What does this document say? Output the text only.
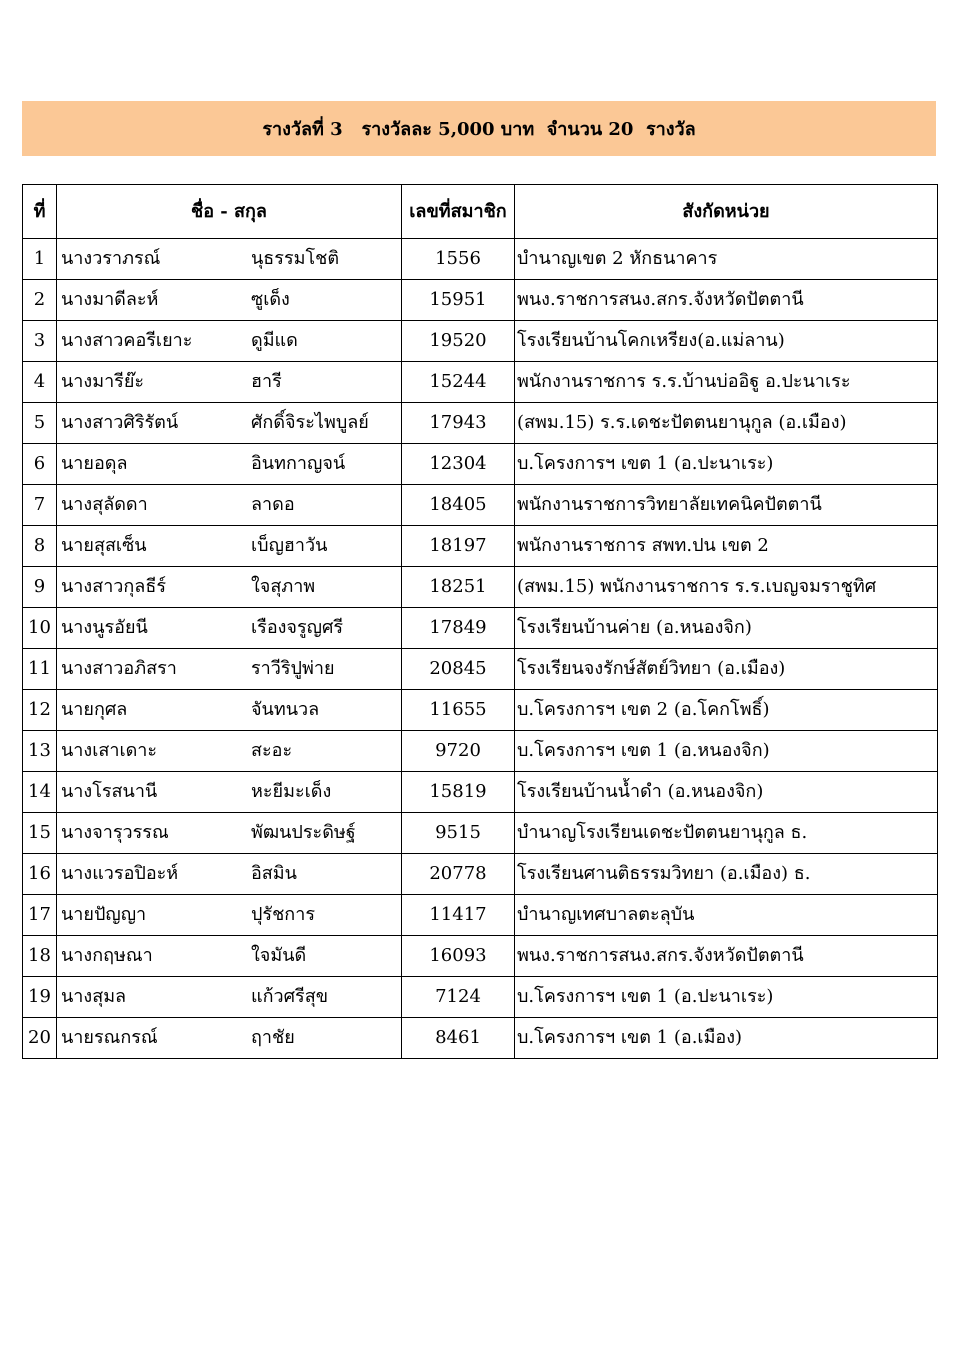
รางวัลที่ 3
รางวัลละ 5,000 บาท
จำนวน 20  รางวัล
ที่	ชื่อ - สกุล	เลขที่สมาชิก	สังกัดหน่วย
1	นางวราภรณ์ นุธรรมโชติ	1556	บำนาญเขต 2 หักธนาคาร
2	นางมาดีละห์ ซูเด็ง	15951	พนง.ราชการสนง.สกร.จังหวัดปัตตานี
3	นางสาวคอรีเยาะ ดูมีแด	19520	โรงเรียนบ้านโคกเหรียง(อ.แม่ลาน)
4	นางมารีย๊ะ ฮารี	15244	พนักงานราชการ ร.ร.บ้านบ่ออิฐู อ.ปะนาเระ
5	นางสาวศิริรัตน์ ศักดิ์จิระไพบูลย์	17943	(สพม.15) ร.ร.เดชะปัตตนยานุกูล (อ.เมือง)
6	นายอดุล อินทกาญจน์	12304	บ.โครงการฯ เขต 1 (อ.ปะนาเระ)
7	นางสุลัดดา ลาดอ	18405	พนักงานราชการวิทยาลัยเทคนิคปัตตานี
8	นายสุสเซ็น เบ็ญฮาวัน	18197	พนักงานราชการ สพท.ปน เขต 2
9	นางสาวกุลธีร์ ใจสุภาพ	18251	(สพม.15) พนักงานราชการ ร.ร.เบญจมราชูทิศ
10	นางนูรอัยนี เรืองจรูญศรี	17849	โรงเรียนบ้านค่าย (อ.หนองจิก)
11	นางสาวอภิสรา ราวีริปูพ่าย	20845	โรงเรียนจงรักษ์สัตย์วิทยา (อ.เมือง)
12	นายกุศล จันทนวล	11655	บ.โครงการฯ เขต 2 (อ.โคกโพธิ์)
13	นางเสาเดาะ สะอะ	9720	บ.โครงการฯ เขต 1 (อ.หนองจิก)
14	นางโรสนานี หะยีมะเด็ง	15819	โรงเรียนบ้านน้ำดำ (อ.หนองจิก)
15	นางจารุวรรณ พัฒนประดิษฐ์	9515	บำนาญโรงเรียนเดชะปัตตนยานุกูล ธ.
16	นางแวรอปิอะห์ อิสมิน	20778	โรงเรียนศานติธรรมวิทยา (อ.เมือง) ธ.
17	นายปัญญา ปุรัชการ	11417	บำนาญเทศบาลตะลุบัน
18	นางกฤษณา ใจมันดี	16093	พนง.ราชการสนง.สกร.จังหวัดปัตตานี
19	นางสุมล แก้วศรีสุข	7124	บ.โครงการฯ เขต 1 (อ.ปะนาเระ)
20	นายรณกรณ์ ฤาชัย	8461	บ.โครงการฯ เขต 1 (อ.เมือง)
